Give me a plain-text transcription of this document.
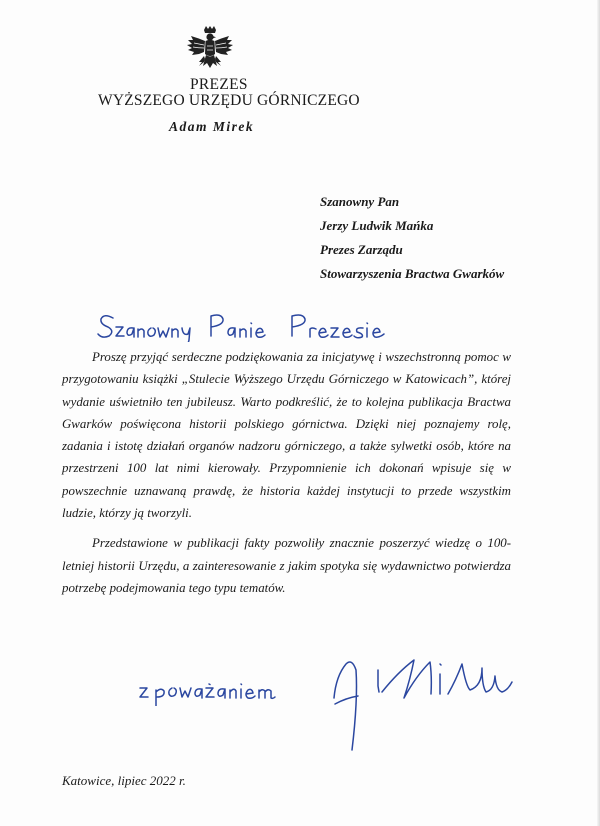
PREZES
WYŻSZEGO URZĘDU GÓRNICZEGO
Adam Mirek
Szanowny Pan
Jerzy Ludwik Mańka
Prezes Zarządu
Stowarzyszenia Bractwa Gwarków

Proszę przyjąć serdeczne podziękowania za inicjatywę i wszechstronną pomoc w przygotowaniu książki „Stulecie Wyższego Urzędu Górniczego w Katowicach”, której wydanie uświetniło ten jubileusz. Warto podkreślić, że to kolejna publikacja Bractwa Gwarków poświęcona historii polskiego górnictwa. Dzięki niej poznajemy rolę, zadania i istotę działań organów nadzoru górniczego, a także sylwetki osób, które na przestrzeni 100 lat nimi kierowały. Przypomnienie ich dokonań wpisuje się w powszechnie uznawaną prawdę, że historia każdej instytucji to przede wszystkim ludzie, którzy ją tworzyli.

Przedstawione w publikacji fakty pozwoliły znacznie poszerzyć wiedzę o 100-letniej historii Urzędu, a zainteresowanie z jakim spotyka się wydawnictwo potwierdza potrzebę podejmowania tego typu tematów.

Katowice, lipiec 2022 r.
